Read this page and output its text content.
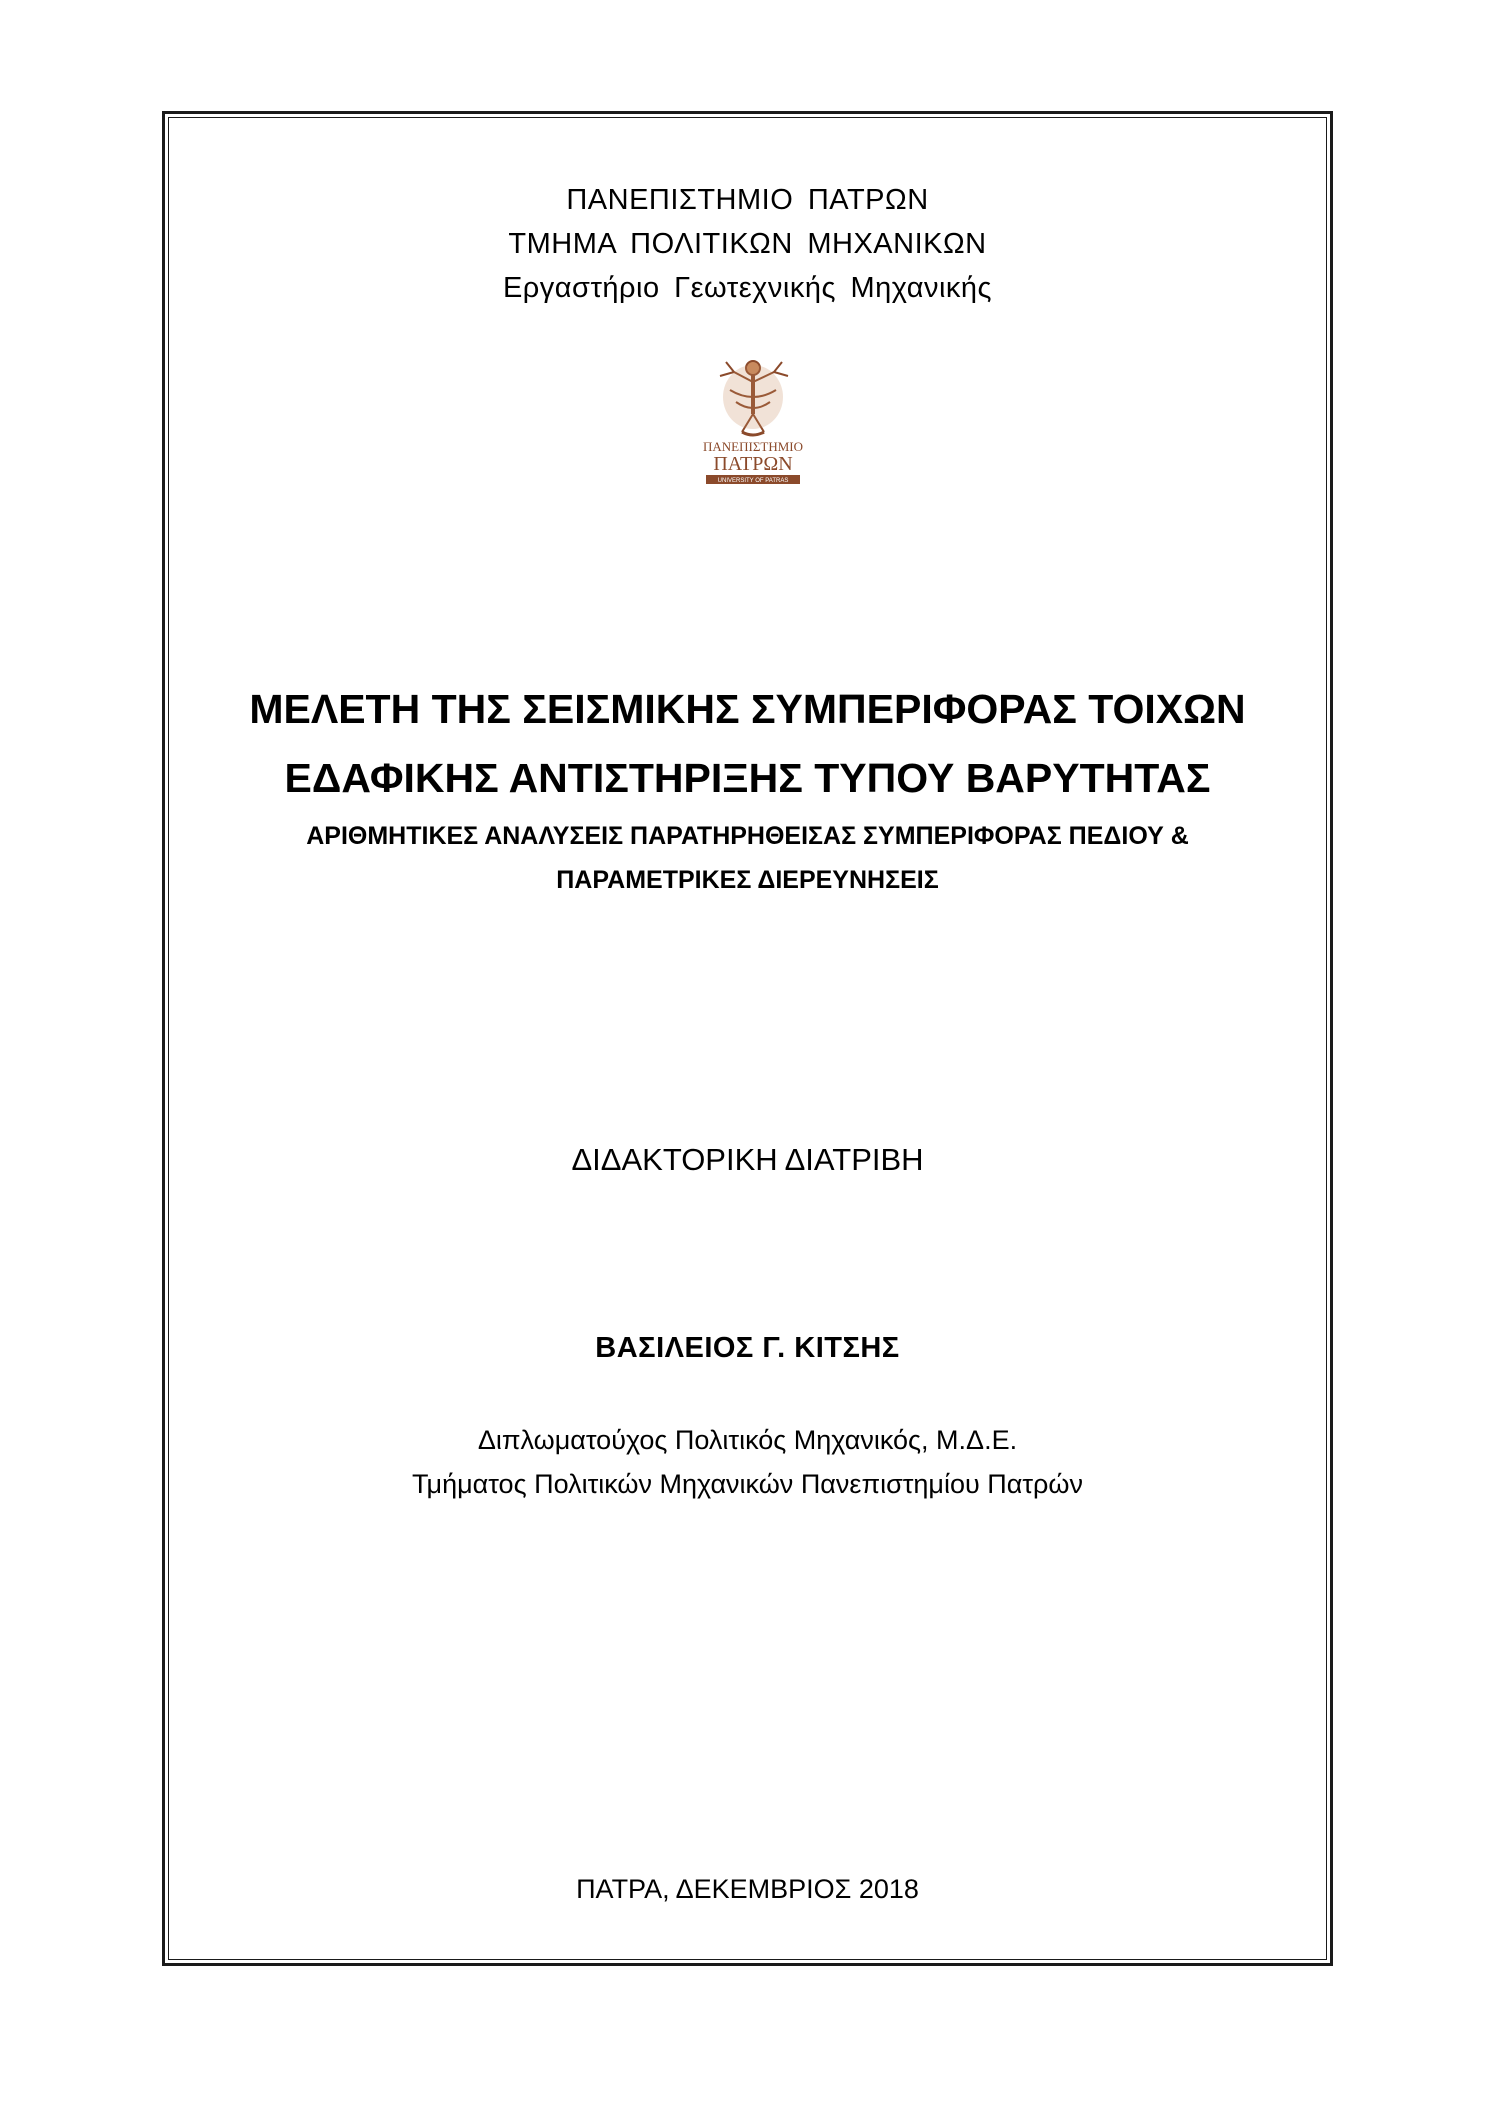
ΠΑΝΕΠΙΣΤΗΜΙΟ ΠΑΤΡΩΝ
ΤΜΗΜΑ ΠΟΛΙΤΙΚΩΝ ΜΗΧΑΝΙΚΩΝ
Εργαστήριο Γεωτεχνικής Μηχανικής
ΠΑΝΕΠΙΣΤΗΜΙΟ
ΠΑΤΡΩΝ
UNIVERSITY OF PATRAS
ΜΕΛΕΤΗ ΤΗΣ ΣΕΙΣΜΙΚΗΣ ΣΥΜΠΕΡΙΦΟΡΑΣ ΤΟΙΧΩΝ
ΕΔΑΦΙΚΗΣ ΑΝΤΙΣΤΗΡΙΞΗΣ ΤΥΠΟΥ ΒΑΡΥΤΗΤΑΣ
ΑΡΙΘΜΗΤΙΚΕΣ ΑΝΑΛΥΣΕΙΣ ΠΑΡΑΤΗΡΗΘΕΙΣΑΣ ΣΥΜΠΕΡΙΦΟΡΑΣ ΠΕΔΙΟΥ &
ΠΑΡΑΜΕΤΡΙΚΕΣ ΔΙΕΡΕΥΝΗΣΕΙΣ
ΔΙΔΑΚΤΟΡΙΚΗ ΔΙΑΤΡΙΒΗ
ΒΑΣΙΛΕΙΟΣ Γ. ΚΙΤΣΗΣ
Διπλωματούχος Πολιτικός Μηχανικός, Μ.Δ.Ε.
Τμήματος Πολιτικών Μηχανικών Πανεπιστημίου Πατρών
ΠΑΤΡΑ, ΔΕΚΕΜΒΡΙΟΣ 2018
